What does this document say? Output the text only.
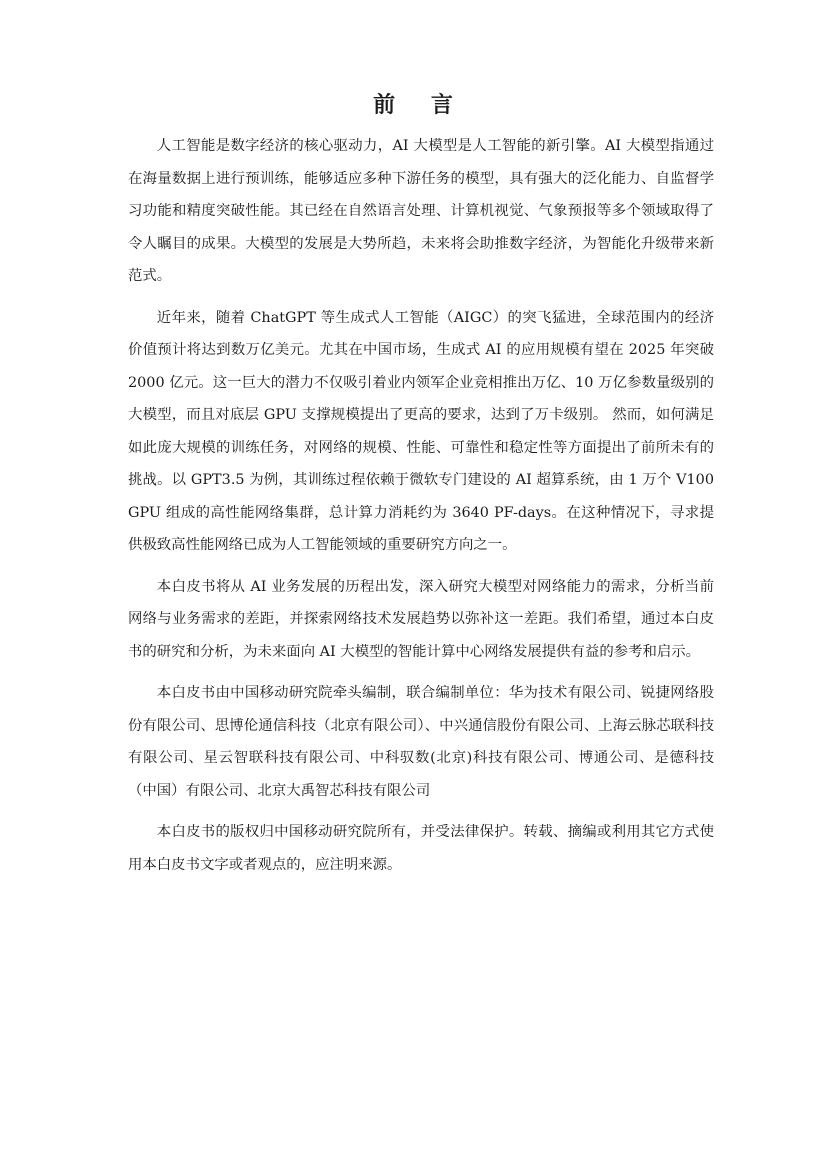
前 言

人工智能是数字经济的核心驱动力，AI 大模型是人工智能的新引擎。AI 大模型指通过在海量数据上进行预训练，能够适应多种下游任务的模型，具有强大的泛化能力、自监督学习功能和精度突破性能。其已经在自然语言处理、计算机视觉、气象预报等多个领域取得了令人瞩目的成果。大模型的发展是大势所趋，未来将会助推数字经济，为智能化升级带来新范式。

近年来，随着 ChatGPT 等生成式人工智能（AIGC）的突飞猛进，全球范围内的经济价值预计将达到数万亿美元。尤其在中国市场，生成式 AI 的应用规模有望在 2025 年突破 2000 亿元。这一巨大的潜力不仅吸引着业内领军企业竞相推出万亿、10 万亿参数量级别的大模型，而且对底层 GPU 支撑规模提出了更高的要求，达到了万卡级别。 然而，如何满足如此庞大规模的训练任务，对网络的规模、性能、可靠性和稳定性等方面提出了前所未有的挑战。以 GPT3.5 为例，其训练过程依赖于微软专门建设的 AI 超算系统，由 1 万个 V100 GPU 组成的高性能网络集群，总计算力消耗约为 3640 PF-days。在这种情况下，寻求提供极致高性能网络已成为人工智能领域的重要研究方向之一。

本白皮书将从 AI 业务发展的历程出发，深入研究大模型对网络能力的需求，分析当前网络与业务需求的差距，并探索网络技术发展趋势以弥补这一差距。我们希望，通过本白皮书的研究和分析，为未来面向 AI 大模型的智能计算中心网络发展提供有益的参考和启示。

本白皮书由中国移动研究院牵头编制，联合编制单位：华为技术有限公司、锐捷网络股份有限公司、思博伦通信科技（北京有限公司）、中兴通信股份有限公司、上海云脉芯联科技有限公司、星云智联科技有限公司、中科驭数(北京)科技有限公司、博通公司、是德科技（中国）有限公司、北京大禹智芯科技有限公司

本白皮书的版权归中国移动研究院所有，并受法律保护。转载、摘编或利用其它方式使用本白皮书文字或者观点的，应注明来源。
